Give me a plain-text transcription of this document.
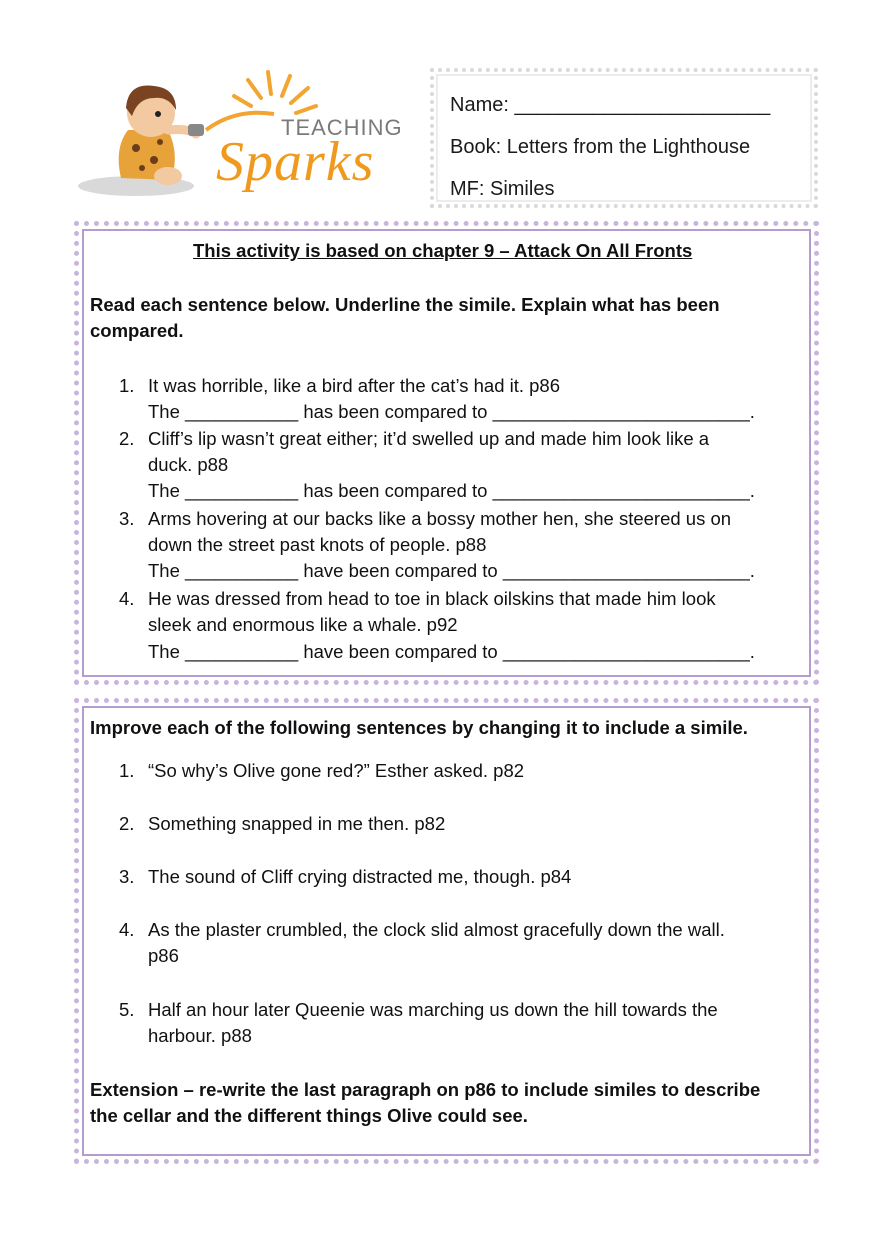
TEACHING
Sparks
Name: _______________________
Book: Letters from the Lighthouse
MF: Similes
This activity is based on chapter 9 – Attack On All Fronts
Read each sentence below. Underline the simile. Explain what has been
compared.
1. It was horrible, like a bird after the cat’s had it. p86
The ___________ has been compared to _________________________.
2. Cliff’s lip wasn’t great either; it’d swelled up and made him look like a
duck. p88
The ___________ has been compared to _________________________.
3. Arms hovering at our backs like a bossy mother hen, she steered us on
down the street past knots of people. p88
The ___________ have been compared to ________________________.
4. He was dressed from head to toe in black oilskins that made him look
sleek and enormous like a whale. p92
The ___________ have been compared to ________________________.
Improve each of the following sentences by changing it to include a simile.
1. “So why’s Olive gone red?” Esther asked. p82
2. Something snapped in me then. p82
3. The sound of Cliff crying distracted me, though. p84
4. As the plaster crumbled, the clock slid almost gracefully down the wall.
p86
5. Half an hour later Queenie was marching us down the hill towards the
harbour. p88
Extension – re-write the last paragraph on p86 to include similes to describe
the cellar and the different things Olive could see.
